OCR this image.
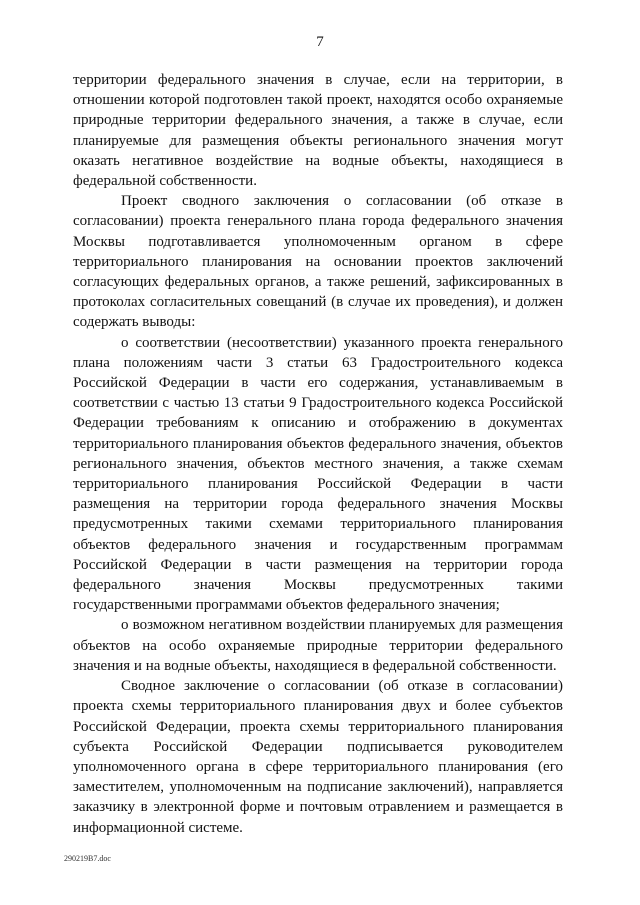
7

территории федерального значения в случае, если на территории, в отношении которой подготовлен такой проект, находятся особо охраняемые природные территории федерального значения, а также в случае, если планируемые для размещения объекты регионального значения могут оказать негативное воздействие на водные объекты, находящиеся в федеральной собственности.

Проект сводного заключения о согласовании (об отказе в согласовании) проекта генерального плана города федерального значения Москвы подготавливается уполномоченным органом в сфере территориального планирования на основании проектов заключений согласующих федеральных органов, а также решений, зафиксированных в протоколах согласительных совещаний (в случае их проведения), и должен содержать выводы:

о соответствии (несоответствии) указанного проекта генерального плана положениям части 3 статьи 63 Градостроительного кодекса Российской Федерации в части его содержания, устанавливаемым в соответствии с частью 13 статьи 9 Градостроительного кодекса Российской Федерации требованиям к описанию и отображению в документах территориального планирования объектов федерального значения, объектов регионального значения, объектов местного значения, а также схемам территориального планирования Российской Федерации в части размещения на территории города федерального значения Москвы предусмотренных такими схемами территориального планирования объектов федерального значения и государственным программам Российской Федерации в части размещения на территории города федерального значения Москвы предусмотренных такими государственными программами объектов федерального значения;

о возможном негативном воздействии планируемых для размещения объектов на особо охраняемые природные территории федерального значения и на водные объекты, находящиеся в федеральной собственности.

Сводное заключение о согласовании (об отказе в согласовании) проекта схемы территориального планирования двух и более субъектов Российской Федерации, проекта схемы территориального планирования субъекта Российской Федерации подписывается руководителем уполномоченного органа в сфере территориального планирования (его заместителем, уполномоченным на подписание заключений), направляется заказчику в электронной форме и почтовым отравлением и размещается в информационной системе.

290219В7.doc
